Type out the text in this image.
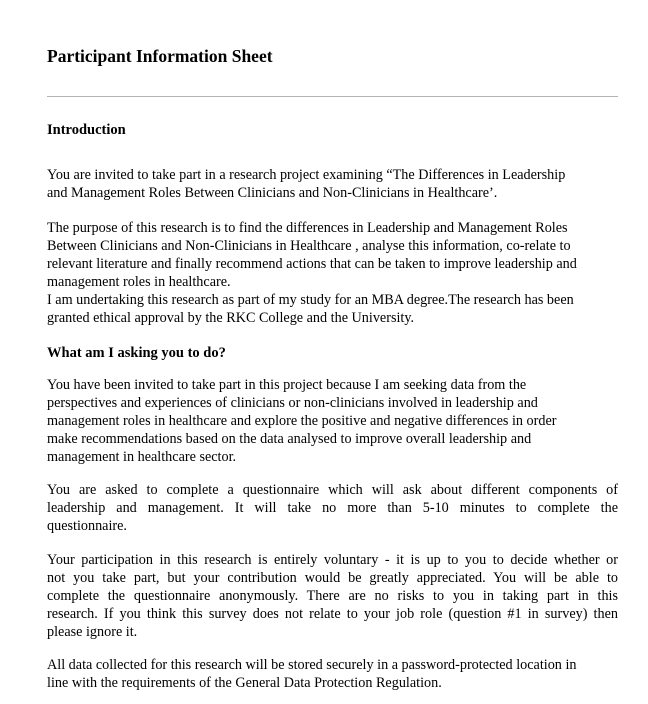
Participant Information Sheet
Introduction

You are invited to take part in a research project examining “The Differences in Leadership
and Management Roles Between Clinicians and Non-Clinicians in Healthcare’.

The purpose of this research is to find the differences in Leadership and Management Roles
Between Clinicians and Non-Clinicians in Healthcare , analyse this information, co-relate to
relevant literature and finally recommend actions that can be taken to improve leadership and
management roles in healthcare.
I am undertaking this research as part of my study for an MBA degree.The research has been
granted ethical approval by the RKC College and the University.

What am I asking you to do?

You have been invited to take part in this project because I am seeking data from the
perspectives and experiences of clinicians or non-clinicians involved in leadership and
management roles in healthcare and explore the positive and negative differences in order
make recommendations based on the data analysed to improve overall leadership and
management in healthcare sector.

You are asked to complete a questionnaire which will ask about different components of
leadership and management. It will take no more than 5-10 minutes to complete the
questionnaire.

Your participation in this research is entirely voluntary - it is up to you to decide whether or
not you take part, but your contribution would be greatly appreciated. You will be able to
complete the questionnaire anonymously. There are no risks to you in taking part in this
research. If you think this survey does not relate to your job role (question #1 in survey) then
please ignore it.

All data collected for this research will be stored securely in a password-protected location in
line with the requirements of the General Data Protection Regulation.
